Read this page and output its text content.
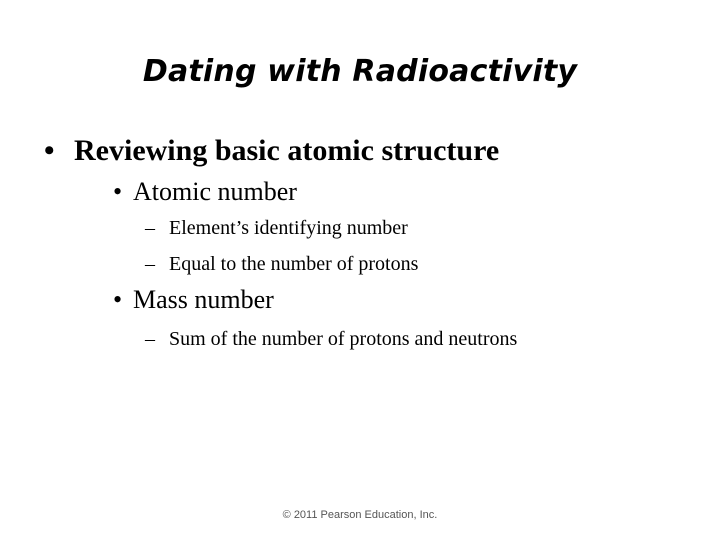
Dating with Radioactivity
• Reviewing basic atomic structure
• Atomic number
– Element’s identifying number
– Equal to the number of protons
• Mass number
– Sum of the number of protons and neutrons
© 2011 Pearson Education, Inc.
